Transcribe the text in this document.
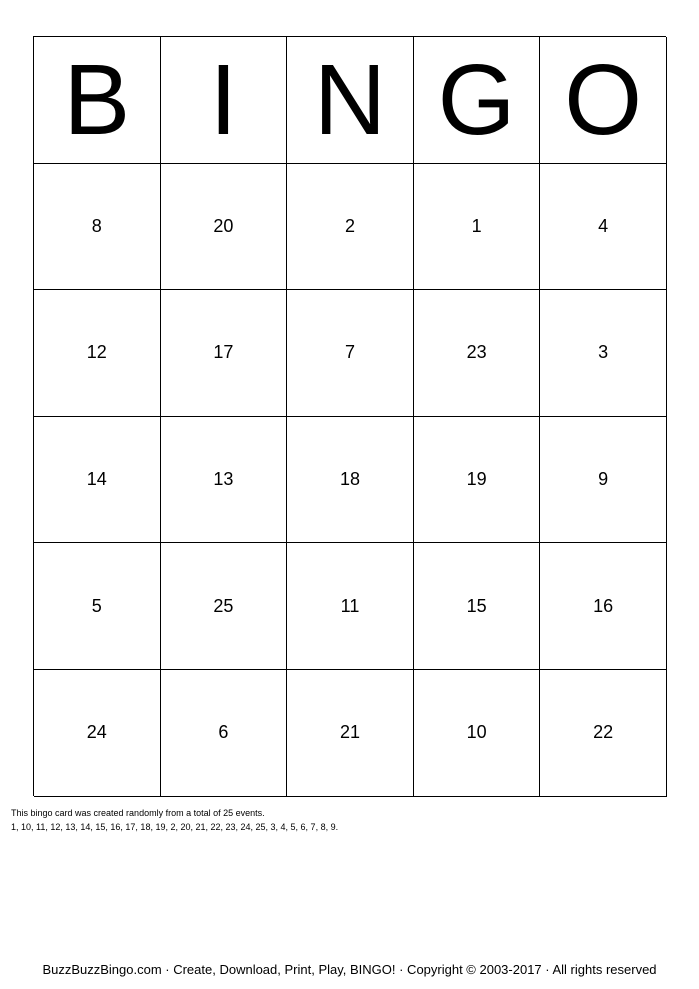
B I N G O
8	20	2	1	4
12	17	7	23	3
14	13	18	19	9
5	25	11	15	16
24	6	21	10	22
This bingo card was created randomly from a total of 25 events.
1, 10, 11, 12, 13, 14, 15, 16, 17, 18, 19, 2, 20, 21, 22, 23, 24, 25, 3, 4, 5, 6, 7, 8, 9.
BuzzBuzzBingo.com · Create, Download, Print, Play, BINGO! · Copyright © 2003-2017 · All rights reserved
